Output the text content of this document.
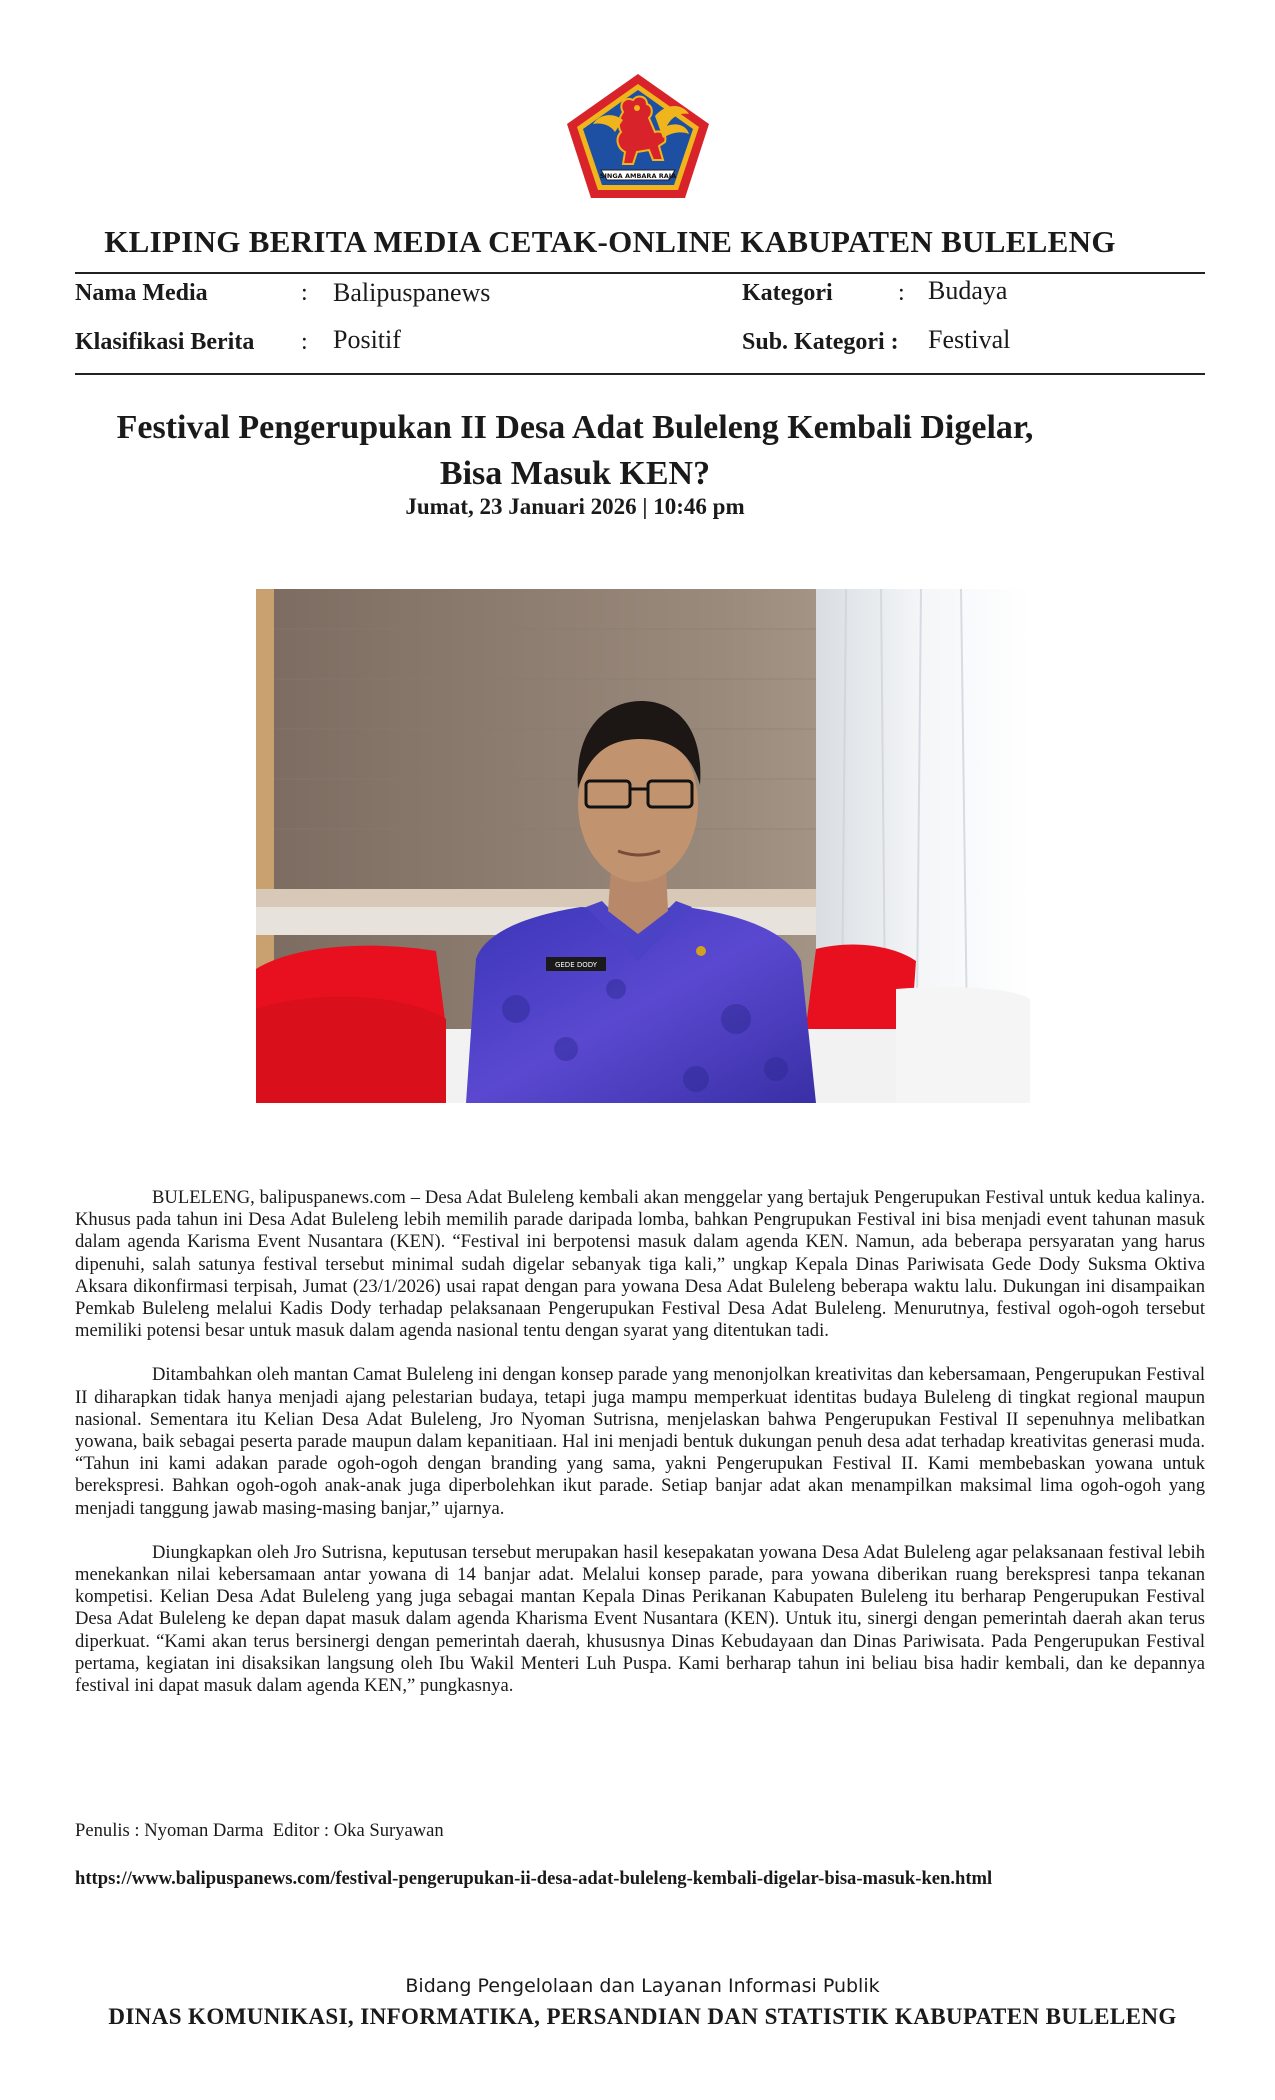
SINGA AMBARA RAJA
KLIPING BERITA MEDIA CETAK-ONLINE KABUPATEN BULELENG
Nama Media	: Balipuspanews	Kategori	: Budaya
Klasifikasi Berita : Positif	Sub. Kategori : Festival
Festival Pengerupukan II Desa Adat Buleleng Kembali Digelar,
Bisa Masuk KEN?
Jumat, 23 Januari 2026 | 10:46 pm
GEDE DODY

BULELENG, balipuspanews.com – Desa Adat Buleleng kembali akan menggelar yang bertajuk Pengerupukan Festival untuk kedua kalinya. Khusus pada tahun ini Desa Adat Buleleng lebih memilih parade daripada lomba, bahkan Pengrupukan Festival ini bisa menjadi event tahunan masuk dalam agenda Karisma Event Nusantara (KEN). “Festival ini berpotensi masuk dalam agenda KEN. Namun, ada beberapa persyaratan yang harus dipenuhi, salah satunya festival tersebut minimal sudah digelar sebanyak tiga kali,” ungkap Kepala Dinas Pariwisata Gede Dody Suksma Oktiva Aksara dikonfirmasi terpisah, Jumat (23/1/2026) usai rapat dengan para yowana Desa Adat Buleleng beberapa waktu lalu. Dukungan ini disampaikan Pemkab Buleleng melalui Kadis Dody terhadap pelaksanaan Pengerupukan Festival Desa Adat Buleleng. Menurutnya, festival ogoh-ogoh tersebut memiliki potensi besar untuk masuk dalam agenda nasional tentu dengan syarat yang ditentukan tadi.

Ditambahkan oleh mantan Camat Buleleng ini dengan konsep parade yang menonjolkan kreativitas dan kebersamaan, Pengerupukan Festival II diharapkan tidak hanya menjadi ajang pelestarian budaya, tetapi juga mampu memperkuat identitas budaya Buleleng di tingkat regional maupun nasional. Sementara itu Kelian Desa Adat Buleleng, Jro Nyoman Sutrisna, menjelaskan bahwa Pengerupukan Festival II sepenuhnya melibatkan yowana, baik sebagai peserta parade maupun dalam kepanitiaan. Hal ini menjadi bentuk dukungan penuh desa adat terhadap kreativitas generasi muda. “Tahun ini kami adakan parade ogoh-ogoh dengan branding yang sama, yakni Pengerupukan Festival II. Kami membebaskan yowana untuk berekspresi. Bahkan ogoh-ogoh anak-anak juga diperbolehkan ikut parade. Setiap banjar adat akan menampilkan maksimal lima ogoh-ogoh yang menjadi tanggung jawab masing-masing banjar,” ujarnya.

Diungkapkan oleh Jro Sutrisna, keputusan tersebut merupakan hasil kesepakatan yowana Desa Adat Buleleng agar pelaksanaan festival lebih menekankan nilai kebersamaan antar yowana di 14 banjar adat. Melalui konsep parade, para yowana diberikan ruang berekspresi tanpa tekanan kompetisi. Kelian Desa Adat Buleleng yang juga sebagai mantan Kepala Dinas Perikanan Kabupaten Buleleng itu berharap Pengerupukan Festival Desa Adat Buleleng ke depan dapat masuk dalam agenda Kharisma Event Nusantara (KEN). Untuk itu, sinergi dengan pemerintah daerah akan terus diperkuat. “Kami akan terus bersinergi dengan pemerintah daerah, khususnya Dinas Kebudayaan dan Dinas Pariwisata. Pada Pengerupukan Festival pertama, kegiatan ini disaksikan langsung oleh Ibu Wakil Menteri Luh Puspa. Kami berharap tahun ini beliau bisa hadir kembali, dan ke depannya festival ini dapat masuk dalam agenda KEN,” pungkasnya.

Penulis : Nyoman Darma  Editor : Oka Suryawan
https://www.balipuspanews.com/festival-pengerupukan-ii-desa-adat-buleleng-kembali-digelar-bisa-masuk-ken.html
Bidang Pengelolaan dan Layanan Informasi Publik
DINAS KOMUNIKASI, INFORMATIKA, PERSANDIAN DAN STATISTIK KABUPATEN BULELENG
